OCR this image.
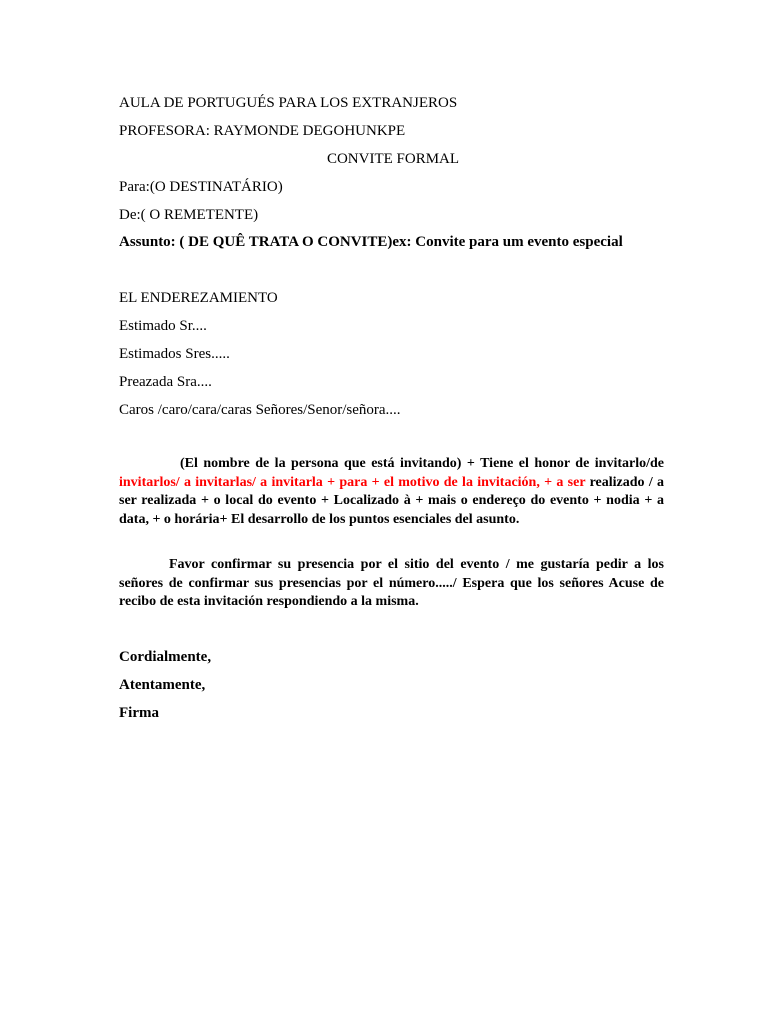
AULA DE PORTUGUÉS PARA LOS EXTRANJEROS
PROFESORA: RAYMONDE DEGOHUNKPE
CONVITE FORMAL
Para:(O DESTINATÁRIO)
De:( O REMETENTE)
Assunto: ( DE QUÊ TRATA O CONVITE)ex: Convite para um evento especial
EL ENDEREZAMIENTO
Estimado Sr....
Estimados Sres.....
Preazada Sra....
Caros /caro/cara/caras Señores/Senor/señora....
(El nombre de la persona que está invitando) + Tiene el honor de invitarlo/de invitarlos/ a invitarlas/ a invitarla + para + el motivo de la invitación, + a ser realizado / a ser realizada + o local do evento + Localizado à + mais o endereço do evento + nodia + a data, + o horária+ El desarrollo de los puntos esenciales del asunto.
Favor confirmar su presencia por el sitio del evento / me gustaría pedir a los señores de confirmar sus presencias por el número...../ Espera que los señores Acuse de recibo de esta invitación respondiendo a la misma.
Cordialmente,
Atentamente,
Firma
